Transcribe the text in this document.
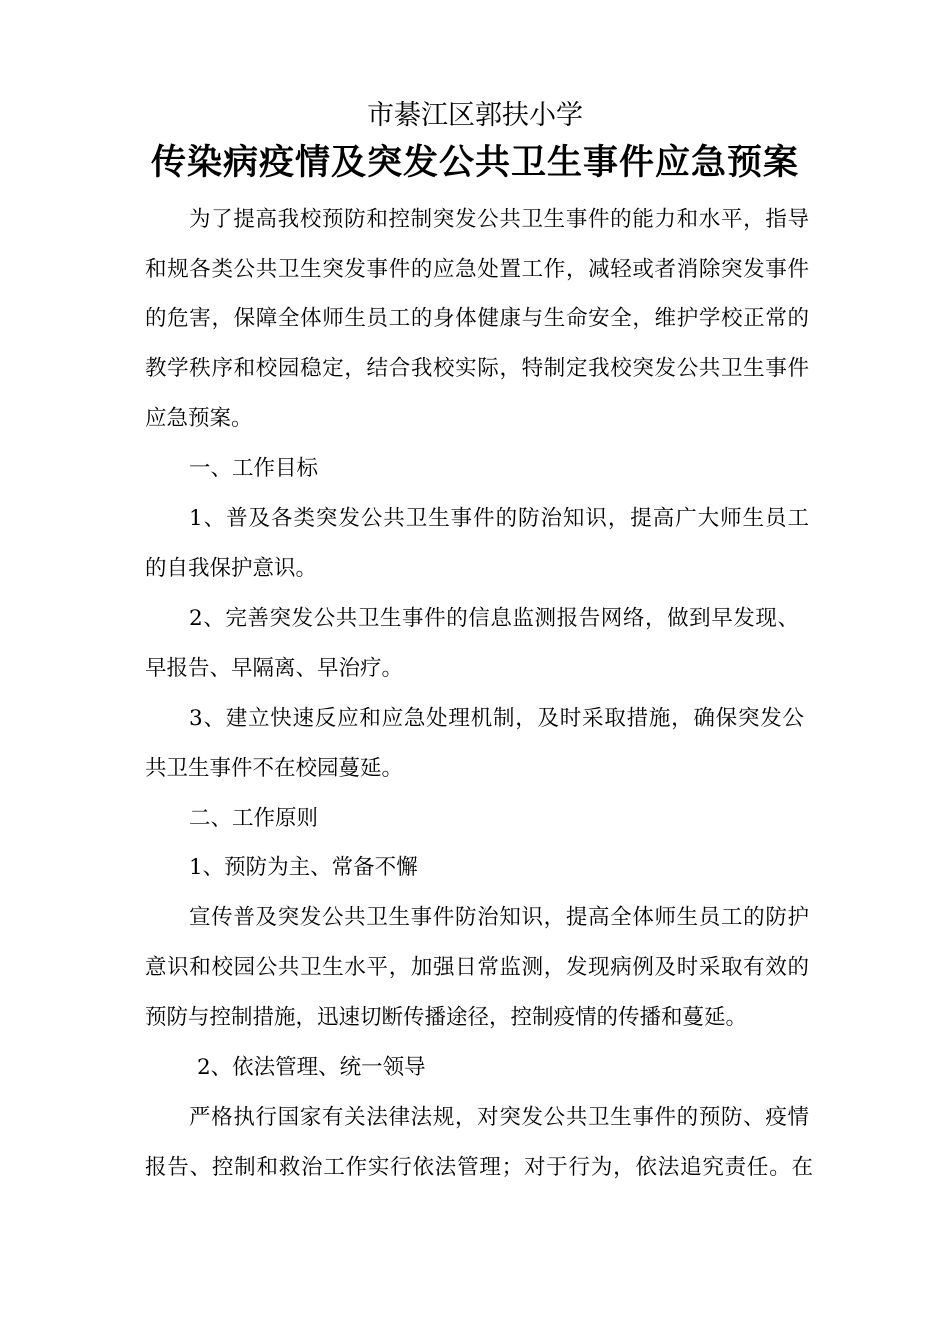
市綦江区郭扶小学
传染病疫情及突发公共卫生事件应急预案
为了提高我校预防和控制突发公共卫生事件的能力和水平，指导
和规各类公共卫生突发事件的应急处置工作，减轻或者消除突发事件
的危害，保障全体师生员工的身体健康与生命安全，维护学校正常的
教学秩序和校园稳定，结合我校实际，特制定我校突发公共卫生事件
应急预案。
一、工作目标
1、普及各类突发公共卫生事件的防治知识，提高广大师生员工
的自我保护意识。
2、完善突发公共卫生事件的信息监测报告网络，做到早发现、
早报告、早隔离、早治疗。
3、建立快速反应和应急处理机制，及时采取措施，确保突发公
共卫生事件不在校园蔓延。
二、工作原则
1、预防为主、常备不懈
宣传普及突发公共卫生事件防治知识，提高全体师生员工的防护
意识和校园公共卫生水平，加强日常监测，发现病例及时采取有效的
预防与控制措施，迅速切断传播途径，控制疫情的传播和蔓延。
2、依法管理、统一领导
严格执行国家有关法律法规，对突发公共卫生事件的预防、疫情
报告、控制和救治工作实行依法管理；对于行为，依法追究责任。在
